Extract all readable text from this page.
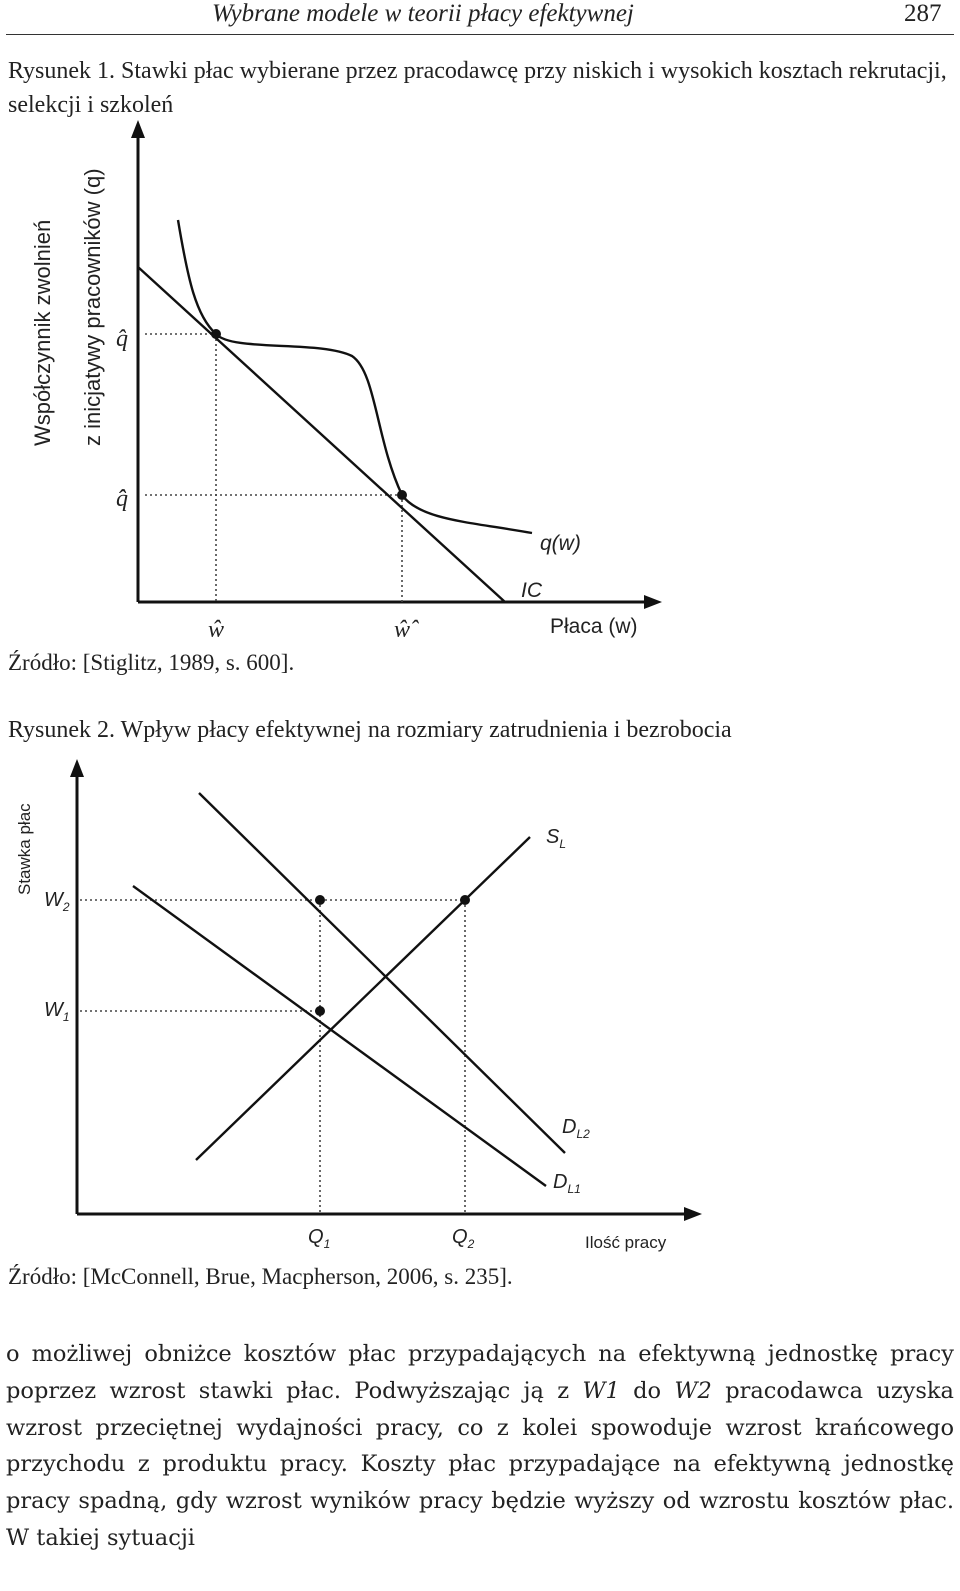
Wybrane modele w teorii płacy efektywnej	287
Rysunek 1. Stawki płac wybierane przez pracodawcę przy niskich i wysokich kosztach rekrutacji, selekcji i szkoleń
Współczynnik zwolnień z inicjatywy pracowników (q) q̂
q̂̂
q(w)
IC
ŵ	ŵ̂	Płaca (w)
Źródło: [Stiglitz, 1989, s. 600].
Rysunek 2. Wpływ płacy efektywnej na rozmiary zatrudnienia i bezrobocia
Stawka płac
$W_2$
$W_1$
$S_L$
$D_{L2}$
$D_{L1}$
$Q_1$	$Q_2$	Ilość pracy
Źródło: [McConnell, Brue, Macpherson, 2006, s. 235].

o możliwej obniżce kosztów płac przypadających na efektywną jednostkę pracy poprzez wzrost stawki płac. Podwyższając ją z W1 do W2 pracodawca uzyska wzrost przeciętnej wydajności pracy, co z kolei spowoduje wzrost krańcowego przychodu z produktu pracy. Koszty płac przypadające na efektywną jednostkę pracy spadną, gdy wzrost wyników pracy będzie wyższy od wzrostu kosztów płac. W takiej sytuacji
